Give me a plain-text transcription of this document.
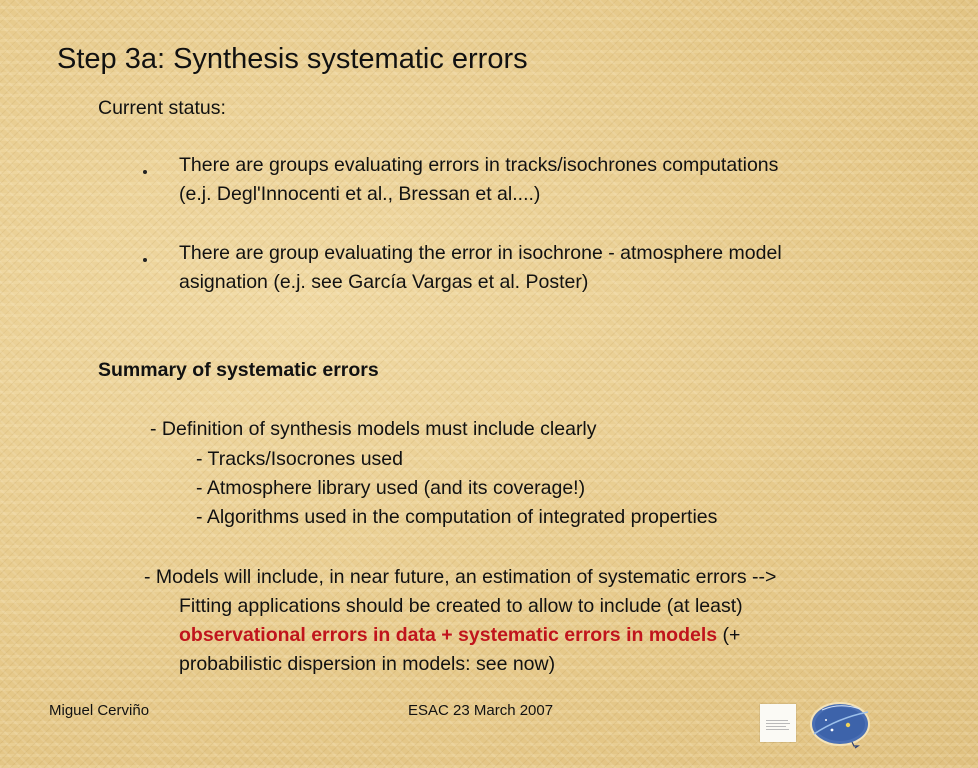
Step 3a: Synthesis systematic errors

Current status:

There are groups evaluating errors in tracks/isochrones computations

(e.j. Degl'Innocenti et al., Bressan et al....)

There are group evaluating the error in isochrone - atmosphere model

asignation (e.j. see García Vargas et al. Poster)

Summary of systematic errors

- Definition of synthesis models must include clearly

- Tracks/Isocrones used

- Atmosphere library used (and its coverage!)

- Algorithms used in the computation of integrated properties

- Models will include, in near future, an estimation of systematic errors -->

Fitting applications should be created to allow to include (at least)

observational errors in data + systematic errors in models (+

probabilistic dispersion in models: see now)

Miguel Cerviño	ESAC 23 March 2007
